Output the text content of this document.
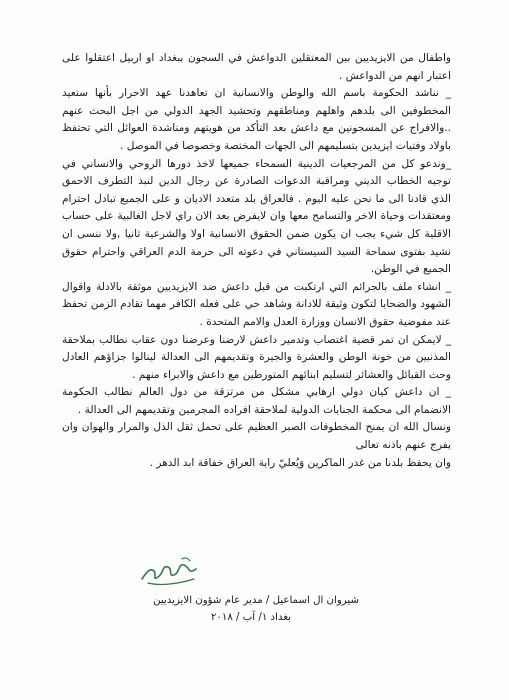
واطفال من الايزيديين بين المعتقلين الدواعش في السجون ببغداد او اربيل اعتقلوا على اعتبار انهم من الدواعش .

_ نناشد الحكومة باسم الله والوطن والانسانية ان تعاهدنا عهد الاحرار بأنها ستعيد المخطوفين الى بلدهم واهلهم ومناطقهم وتحشيد الجهد الدولي من اجل البحث عنهم ..والافراج عن المسجونين مع داعش بعد التأكد من هويتهم ومناشدة العوائل التي تحتفظ باولاد وفتيات ايزيدين بتسليمهم الى الجهات المختصة وخصوصا في الموصل .

_وندعو كل من المرجعيات الدينية السمحاء جميعها لاخذ دورها الروحي والانساني في توجيه الخطاب الديني ومراقبة الدعوات الصادرة عن رجال الدين لنبذ التطرف الاحمق الذي قادنا الى ما نحن عليه اليوم . فالعراق بلد متعدد الاديان و على الجميع تبادل احترام ومعتقدات وحياة الاخر والتسامح معها وان لايفرض بعد الان راي لاجل الغالبية على حساب الاقلية كل شيء يجب ان يكون ضمن الحقوق الانسانية اولا والشرعية ثانيا ,ولا ننسى ان نشيد بفتوى سماحة السيد السيستاني في دعوته الى حرمة الدم العراقي واحترام حقوق الجميع في الوطن.

_ انشاء ملف بالجرائم التي ارتكبت من قبل داعش ضد الايزيديين موثقة بالادلة واقوال الشهود والضحايا لتكون وثيقة للادانة وشاهد حي على فعله الكافر مهما تقادم الزمن تحفظ عند مفوضية حقوق الانسان ووزارة العدل والامم المتحدة .

_ لايمكن ان تمر قضية اغتصاب وتدمير داعش لارضنا وعرضنا دون عقاب نطالب بملاحقة المذنبين من خونة الوطن والعشرة والجيرة وتقديمهم الى العدالة لينالوا جزاؤهم العادل وحث القبائل والعشائر لتسليم ابنائهم المتورطين مع داعش والابراء منهم .

_ ان داعش كيان دولي ارهابي مشكل من مرتزقة من دول العالم نطالب الحكومة الانضمام الى محكمة الجنايات الدولية لملاحقة افراده المجرمين وتقديمهم الى العدالة .

ونسال الله ان يمنح المخطوفات الصبر العظيم على تحمل ثقل الذل والمرار والهوان وان يفرج عنهم باذنه تعالى

وان يحفظ بلدنا من غدر الماكرين وَيُعليّ راية العراق خفاقة ابد الدهر .

شيروان ال اسماعيل / مدير عام شؤون الايزيديين
بغداد ١/ آب / ٢٠١٨
